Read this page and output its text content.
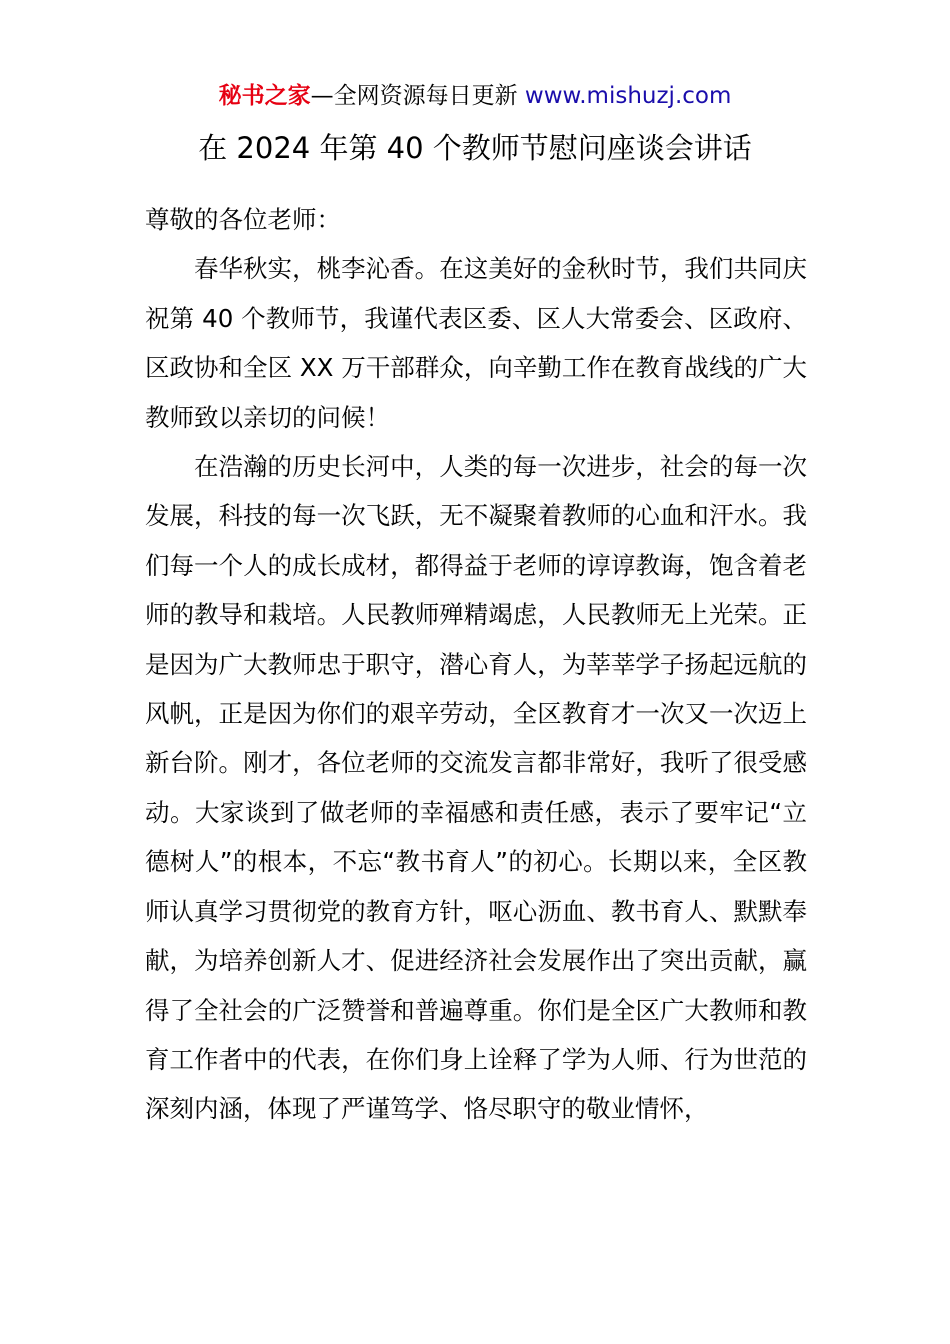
秘书之家—全网资源每日更新 www.mishuzj.com
在 2024 年第 40 个教师节慰问座谈会讲话

尊敬的各位老师：

春华秋实，桃李沁香。在这美好的金秋时节，我们共同庆祝第 40 个教师节，我谨代表区委、区人大常委会、区政府、区政协和全区 XX 万干部群众，向辛勤工作在教育战线的广大教师致以亲切的问候！

在浩瀚的历史长河中，人类的每一次进步，社会的每一次发展，科技的每一次飞跃，无不凝聚着教师的心血和汗水。我们每一个人的成长成材，都得益于老师的谆谆教诲，饱含着老师的教导和栽培。人民教师殚精竭虑，人民教师无上光荣。正是因为广大教师忠于职守，潜心育人，为莘莘学子扬起远航的风帆，正是因为你们的艰辛劳动，全区教育才一次又一次迈上新台阶。刚才，各位老师的交流发言都非常好，我听了很受感动。大家谈到了做老师的幸福感和责任感，表示了要牢记“立德树人”的根本，不忘“教书育人”的初心。长期以来，全区教师认真学习贯彻党的教育方针，呕心沥血、教书育人、默默奉献，为培养创新人才、促进经济社会发展作出了突出贡献，赢得了全社会的广泛赞誉和普遍尊重。你们是全区广大教师和教育工作者中的代表，在你们身上诠释了学为人师、行为世范的深刻内涵，体现了严谨笃学、恪尽职守的敬业情怀，
